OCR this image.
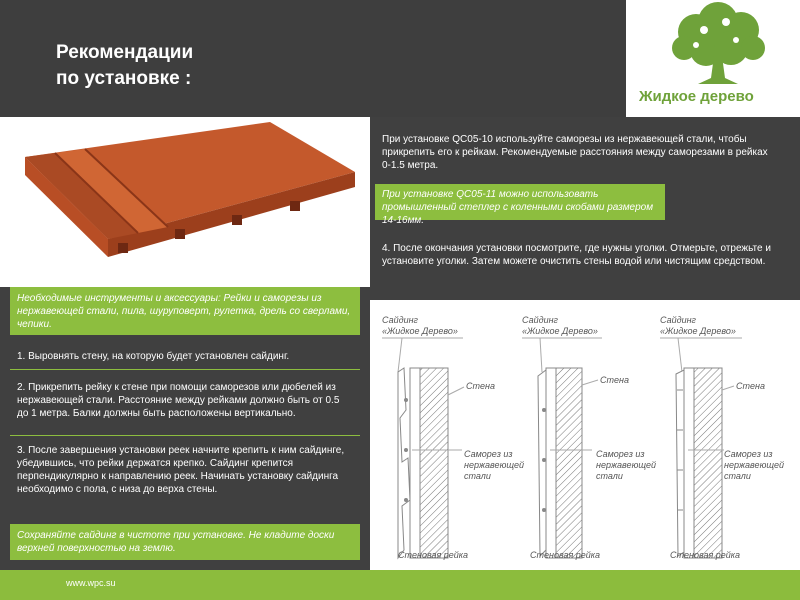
Рекомендации
по установке :
Жидкое дерево
При установке QC05-10 используйте саморезы из нержавеющей стали, чтобы прикрепить его к рейкам. Рекомендуемые расстояния между саморезами в рейках 0-1.5 метра.
При установке QC05-11 можно использовать промышленный степлер с коленными скобами размером 14-16мм.
4. После окончания установки посмотрите, где нужны уголки. Отмерьте, отрежьте и установите уголки. Затем можете очистить стены водой или чистящим средством.
Необходимые инструменты и аксессуары: Рейки и саморезы из нержавеющей стали, пила, шуруповерт, рулетка, дрель со сверлами, чепики.
1. Выровнять стену, на которую будет установлен сайдинг.
2. Прикрепить рейку к стене при помощи саморезов или дюбелей из нержавеющей стали. Расстояние между рейками должно быть от 0.5 до 1 метра. Балки должны быть расположены вертикально.
3. После завершения установки реек начните крепить к ним сайдинге, убедившись, что рейки держатся крепко. Сайдинг крепится перпендикулярно к направлению реек. Начинать установку сайдинга необходимо с пола, с низа до верха стены.
Сохраняйте сайдинг в чистоте при установке. Не кладите доски верхней поверхностью на землю.
Сайдинг
«Жидкое Дерево»
Стена
Саморез из
нержавеющей
стали
Стеновая рейка
Сайдинг
«Жидкое Дерево»
Стена
Саморез из
нержавеющей
стали
Стеновая рейка
Сайдинг
«Жидкое Дерево»
Стена
Саморез из
нержавеющей
стали
Стеновая рейка
www.wpc.su
